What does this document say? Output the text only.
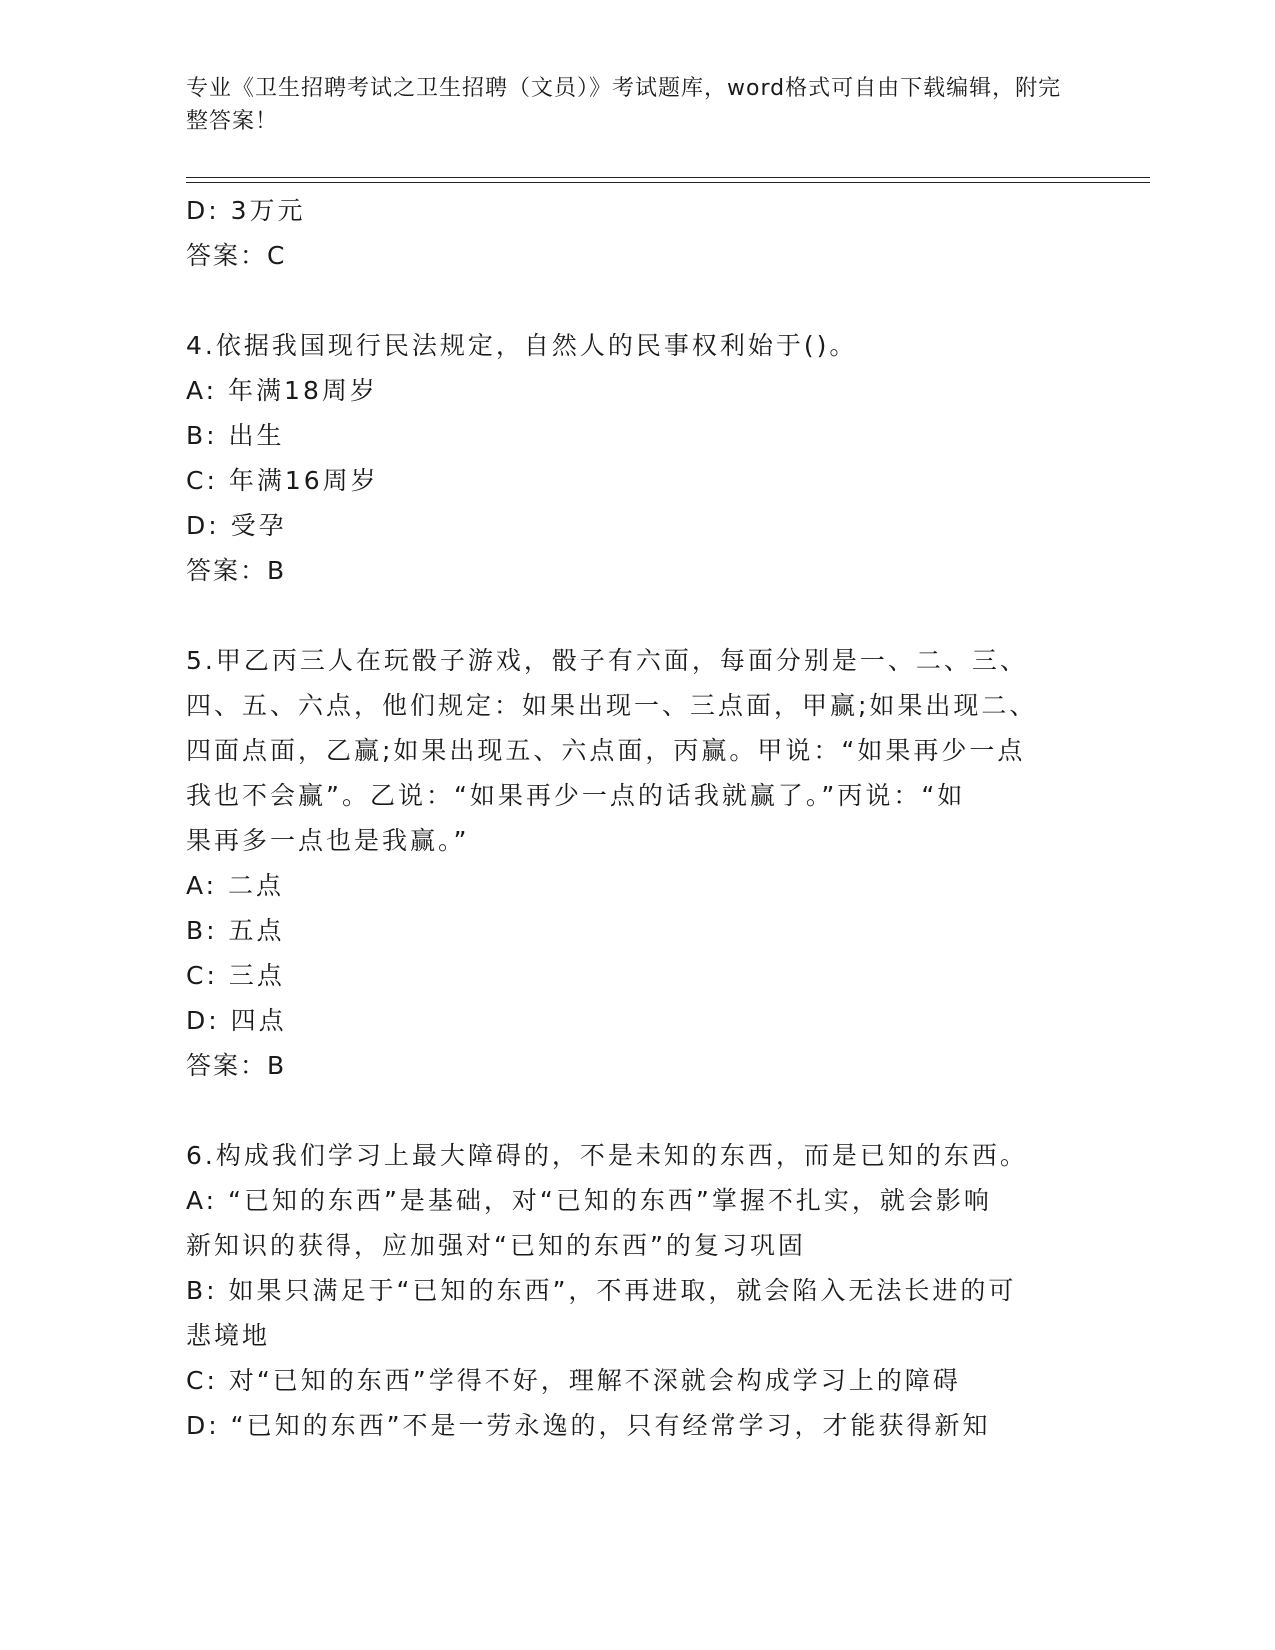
专业《卫生招聘考试之卫生招聘（文员）》考试题库，word格式可自由下载编辑，附完整答案！
D: 3万元
答案：C
4.依据我国现行民法规定，自然人的民事权利始于()。
A: 年满18周岁
B: 出生
C: 年满16周岁
D: 受孕
答案：B
5.甲乙丙三人在玩骰子游戏，骰子有六面，每面分别是一、二、三、
四、五、六点，他们规定：如果出现一、三点面，甲赢;如果出现二、
四面点面，乙赢;如果出现五、六点面，丙赢。甲说：“如果再少一点
我也不会赢”。乙说：“如果再少一点的话我就赢了。”丙说：“如
果再多一点也是我赢。”
A: 二点
B: 五点
C: 三点
D: 四点
答案：B
6.构成我们学习上最大障碍的，不是未知的东西，而是已知的东西。
A: “已知的东西”是基础，对“已知的东西”掌握不扎实，就会影响
新知识的获得，应加强对“已知的东西”的复习巩固
B: 如果只满足于“已知的东西”，不再进取，就会陷入无法长进的可
悲境地
C: 对“已知的东西”学得不好，理解不深就会构成学习上的障碍
D: “已知的东西”不是一劳永逸的，只有经常学习，才能获得新知
